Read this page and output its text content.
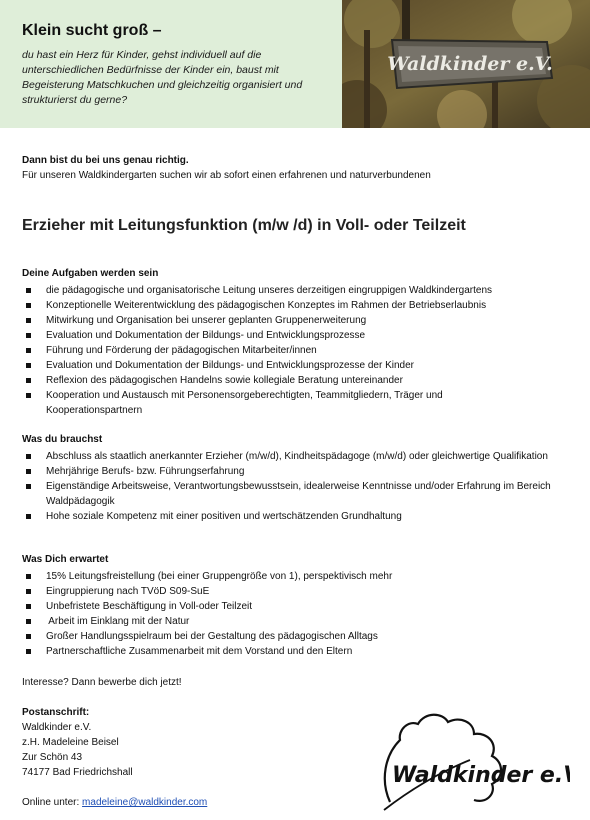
Klein sucht groß –
du hast ein Herz für Kinder, gehst individuell auf die unterschiedlichen Bedürfnisse der Kinder ein, baust mit Begeisterung Matschkuchen und gleichzeitig organisiert und strukturierst du gerne?
Waldkinder e.V.
Dann bist du bei uns genau richtig.
Für unseren Waldkindergarten suchen wir ab sofort einen erfahrenen und naturverbundenen
Erzieher mit Leitungsfunktion (m/w /d) in Voll- oder Teilzeit
Deine Aufgaben werden sein
die pädagogische und organisatorische Leitung unseres derzeitigen eingruppigen Waldkindergartens
Konzeptionelle Weiterentwicklung des pädagogischen Konzeptes im Rahmen der Betriebserlaubnis
Mitwirkung und Organisation bei unserer geplanten Gruppenerweiterung
Evaluation und Dokumentation der Bildungs- und Entwicklungsprozesse
Führung und Förderung der pädagogischen Mitarbeiter/innen
Evaluation und Dokumentation der Bildungs- und Entwicklungsprozesse der Kinder
Reflexion des pädagogischen Handelns sowie kollegiale Beratung untereinander
Kooperation und Austausch mit Personensorgeberechtigten, Teammitgliedern, Träger und Kooperationspartnern
Was du brauchst
Abschluss als staatlich anerkannter Erzieher (m/w/d), Kindheitspädagoge (m/w/d) oder gleichwertige Qualifikation
Mehrjährige Berufs- bzw. Führungserfahrung
Eigenständige Arbeitsweise, Verantwortungsbewusstsein, idealerweise Kenntnisse und/oder Erfahrung im Bereich Waldpädagogik
Hohe soziale Kompetenz mit einer positiven und wertschätzenden Grundhaltung
Was Dich erwartet
15% Leitungsfreistellung (bei einer Gruppengröße von 1), perspektivisch mehr
Eingruppierung nach TVöD S09-SuE
Unbefristete Beschäftigung in Voll-oder Teilzeit
Arbeit im Einklang mit der Natur
Großer Handlungsspielraum bei der Gestaltung des pädagogischen Alltags
Partnerschaftliche Zusammenarbeit mit dem Vorstand und den Eltern
Interesse? Dann bewerbe dich jetzt!
Postanschrift:
Waldkinder e.V.
z.H. Madeleine Beisel
Zur Schön 43
74177 Bad Friedrichshall
Online unter: madeleine@waldkinder.com
Waldkinder e.V.
